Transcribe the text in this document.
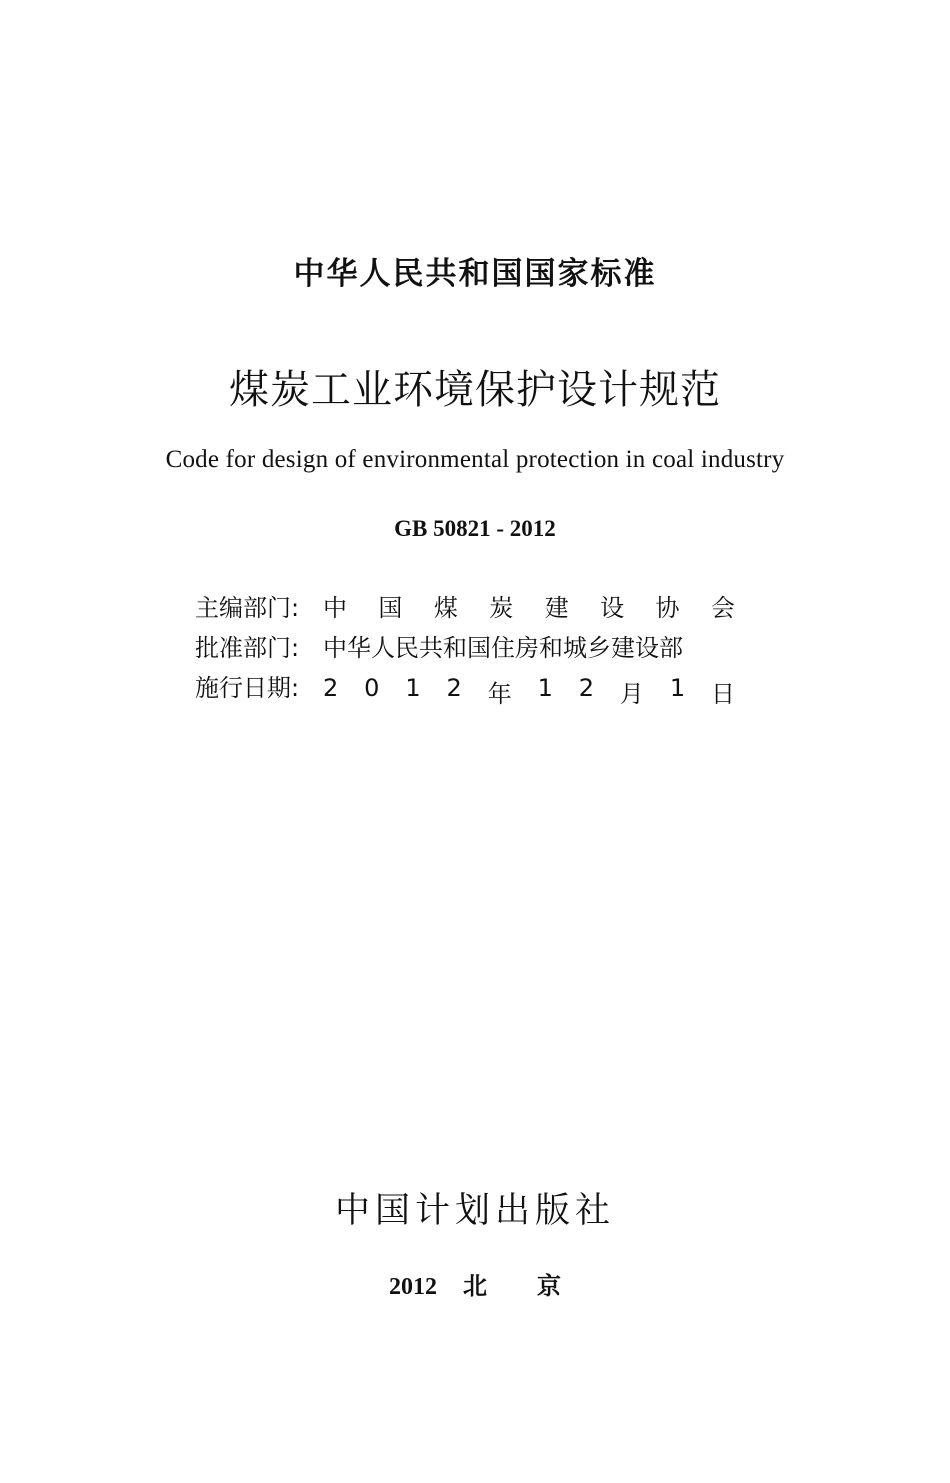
中华人民共和国国家标准
煤炭工业环境保护设计规范
Code for design of environmental protection in coal industry
GB 50821 - 2012
主编部门: 中 国 煤 炭 建 设 协 会
批准部门: 中华人民共和国住房和城乡建设部
施行日期: 2 0 1 2 年 1 2 月 1 日
中国计划出版社
2012 北 京
